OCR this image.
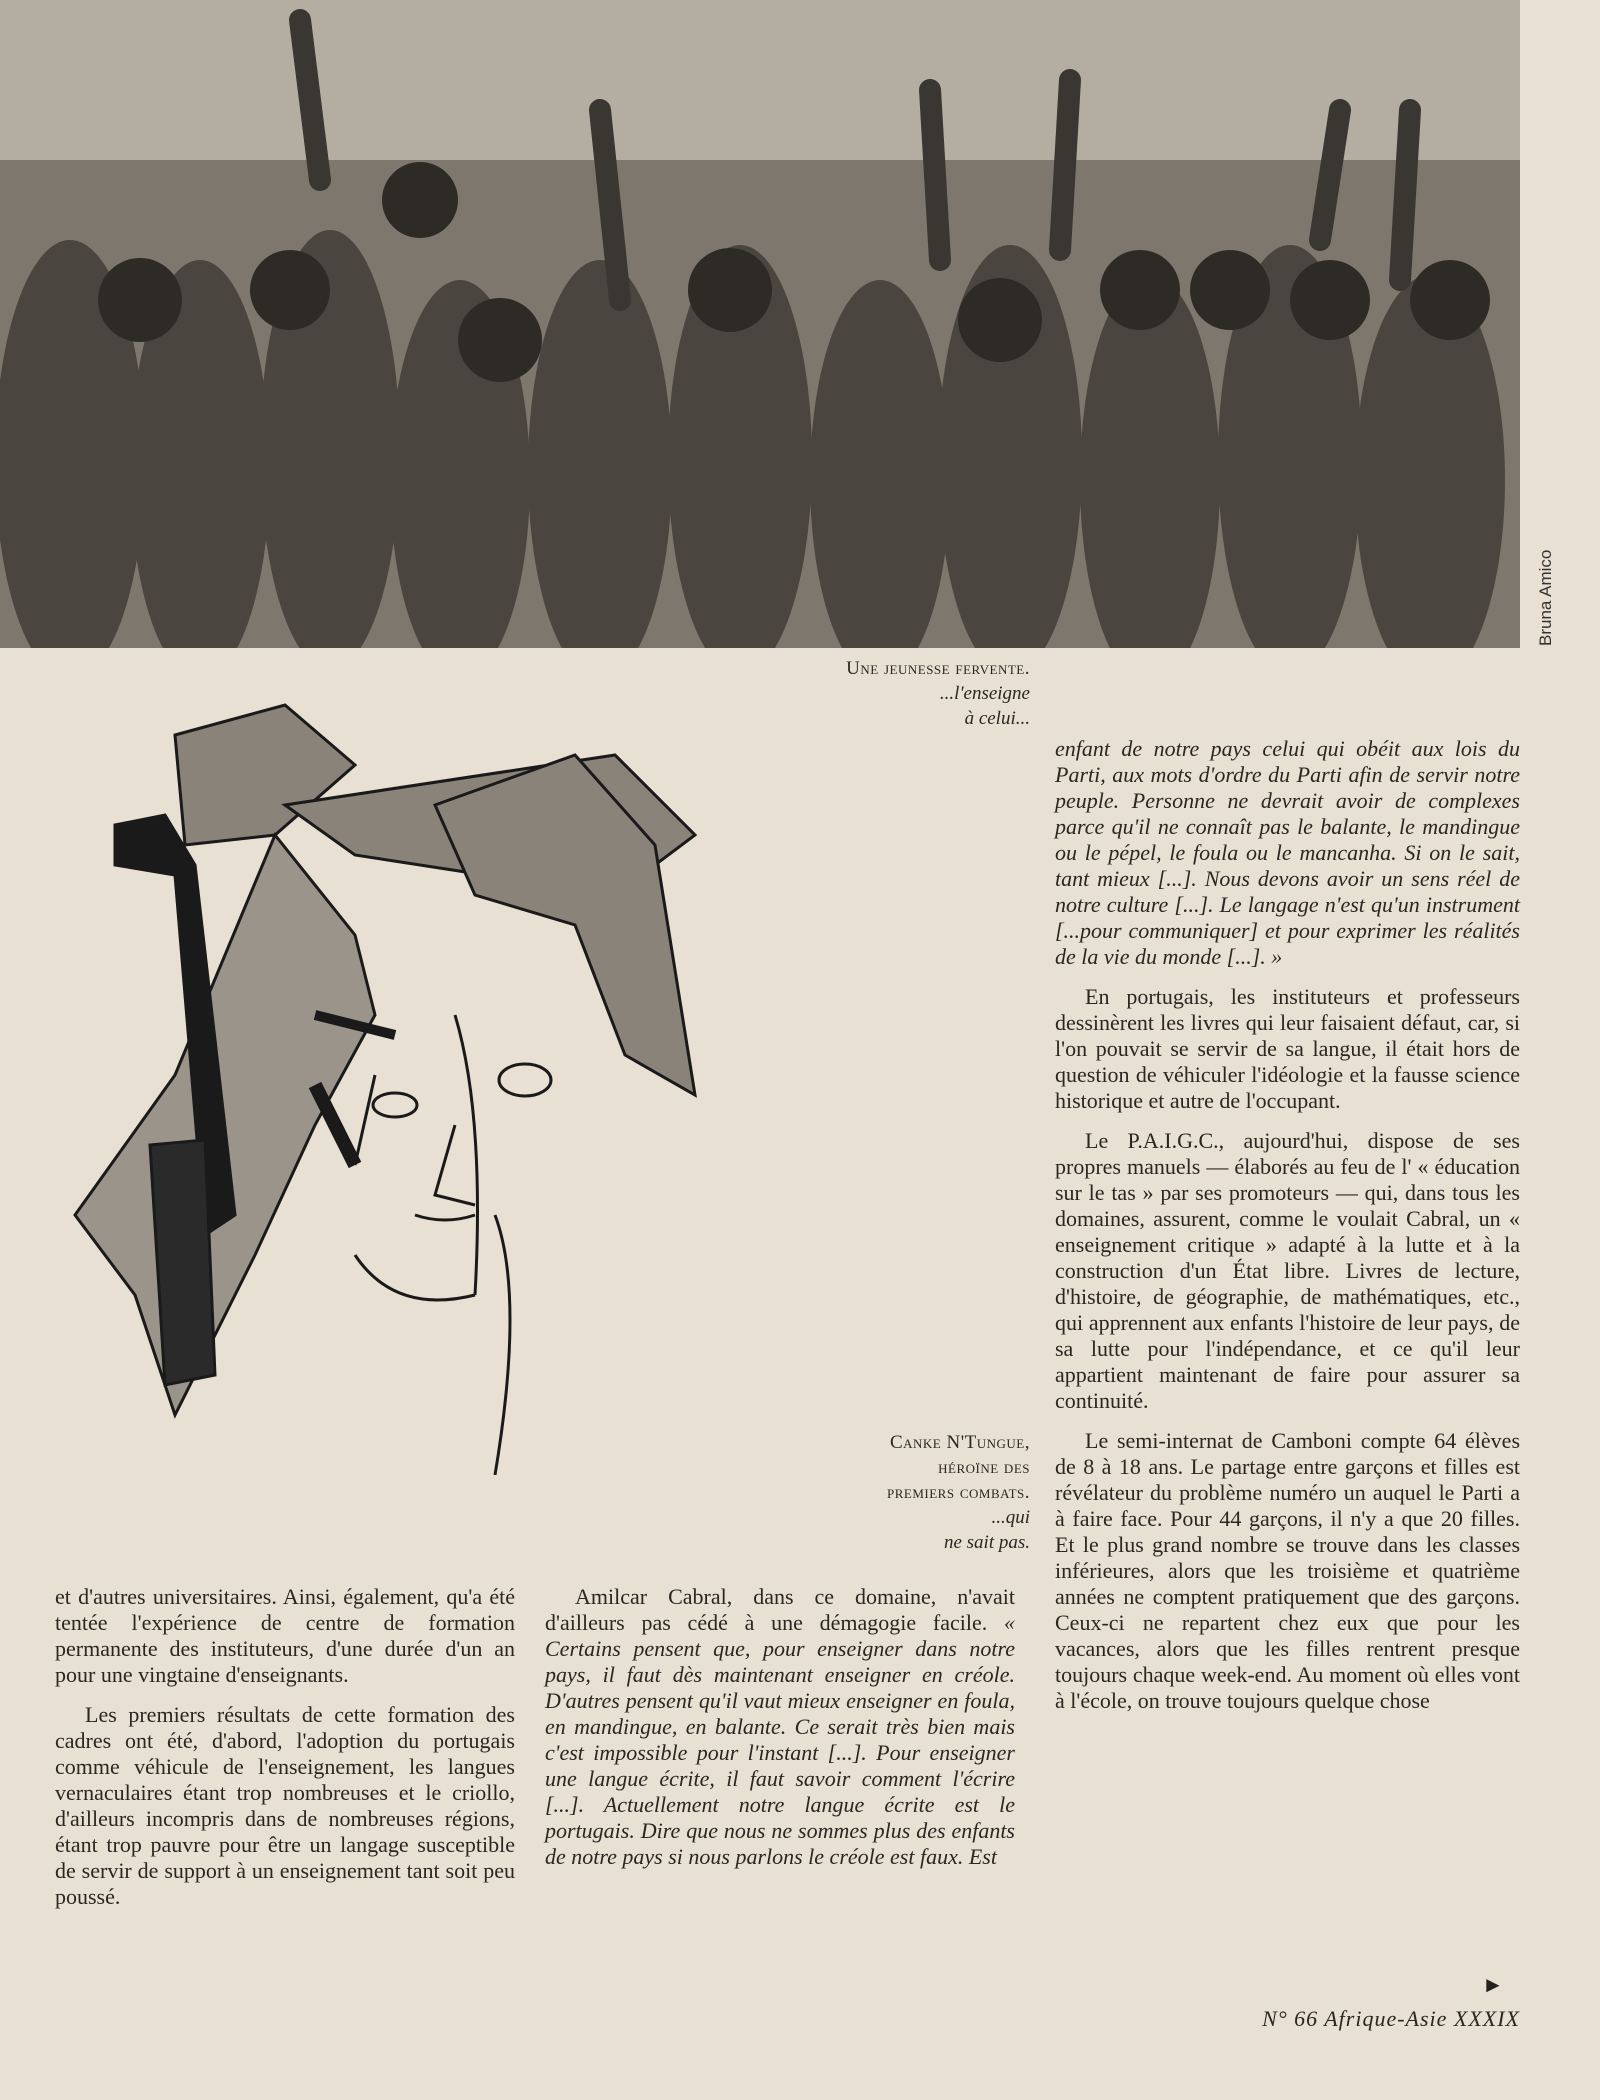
Bruna Amico
Une jeunesse fervente.
...l'enseigne
à celui...
Canke N'Tungue,
héroïne des
premiers combats.
...qui
ne sait pas.

et d'autres universitaires. Ainsi, également, qu'a été tentée l'expérience de centre de formation permanente des instituteurs, d'une durée d'un an pour une vingtaine d'enseignants.

Les premiers résultats de cette formation des cadres ont été, d'abord, l'adoption du portugais comme véhicule de l'enseignement, les langues vernaculaires étant trop nombreuses et le criollo, d'ailleurs incompris dans de nombreuses régions, étant trop pauvre pour être un langage susceptible de servir de support à un enseignement tant soit peu poussé.

Amilcar Cabral, dans ce domaine, n'avait d'ailleurs pas cédé à une démagogie facile. « Certains pensent que, pour enseigner dans notre pays, il faut dès maintenant enseigner en créole. D'autres pensent qu'il vaut mieux enseigner en foula, en mandingue, en balante. Ce serait très bien mais c'est impossible pour l'instant [...]. Pour enseigner une langue écrite, il faut savoir comment l'écrire [...]. Actuellement notre langue écrite est le portugais. Dire que nous ne sommes plus des enfants de notre pays si nous parlons le créole est faux. Est

enfant de notre pays celui qui obéit aux lois du Parti, aux mots d'ordre du Parti afin de servir notre peuple. Personne ne devrait avoir de complexes parce qu'il ne connaît pas le balante, le mandingue ou le pépel, le foula ou le mancanha. Si on le sait, tant mieux [...]. Nous devons avoir un sens réel de notre culture [...]. Le langage n'est qu'un instrument [...pour communiquer] et pour exprimer les réalités de la vie du monde [...]. »

En portugais, les instituteurs et professeurs dessinèrent les livres qui leur faisaient défaut, car, si l'on pouvait se servir de sa langue, il était hors de question de véhiculer l'idéologie et la fausse science historique et autre de l'occupant.

Le P.A.I.G.C., aujourd'hui, dispose de ses propres manuels — élaborés au feu de l' « éducation sur le tas » par ses promoteurs — qui, dans tous les domaines, assurent, comme le voulait Cabral, un « enseignement critique » adapté à la lutte et à la construction d'un État libre. Livres de lecture, d'histoire, de géographie, de mathématiques, etc., qui apprennent aux enfants l'histoire de leur pays, de sa lutte pour l'indépendance, et ce qu'il leur appartient maintenant de faire pour assurer sa continuité.

Le semi-internat de Camboni compte 64 élèves de 8 à 18 ans. Le partage entre garçons et filles est révélateur du problème numéro un auquel le Parti a à faire face. Pour 44 garçons, il n'y a que 20 filles. Et le plus grand nombre se trouve dans les classes inférieures, alors que les troisième et quatrième années ne comptent pratiquement que des garçons. Ceux-ci ne repartent chez eux que pour les vacances, alors que les filles rentrent presque toujours chaque week-end. Au moment où elles vont à l'école, on trouve toujours quelque chose

►
N° 66 Afrique-Asie XXXIX
